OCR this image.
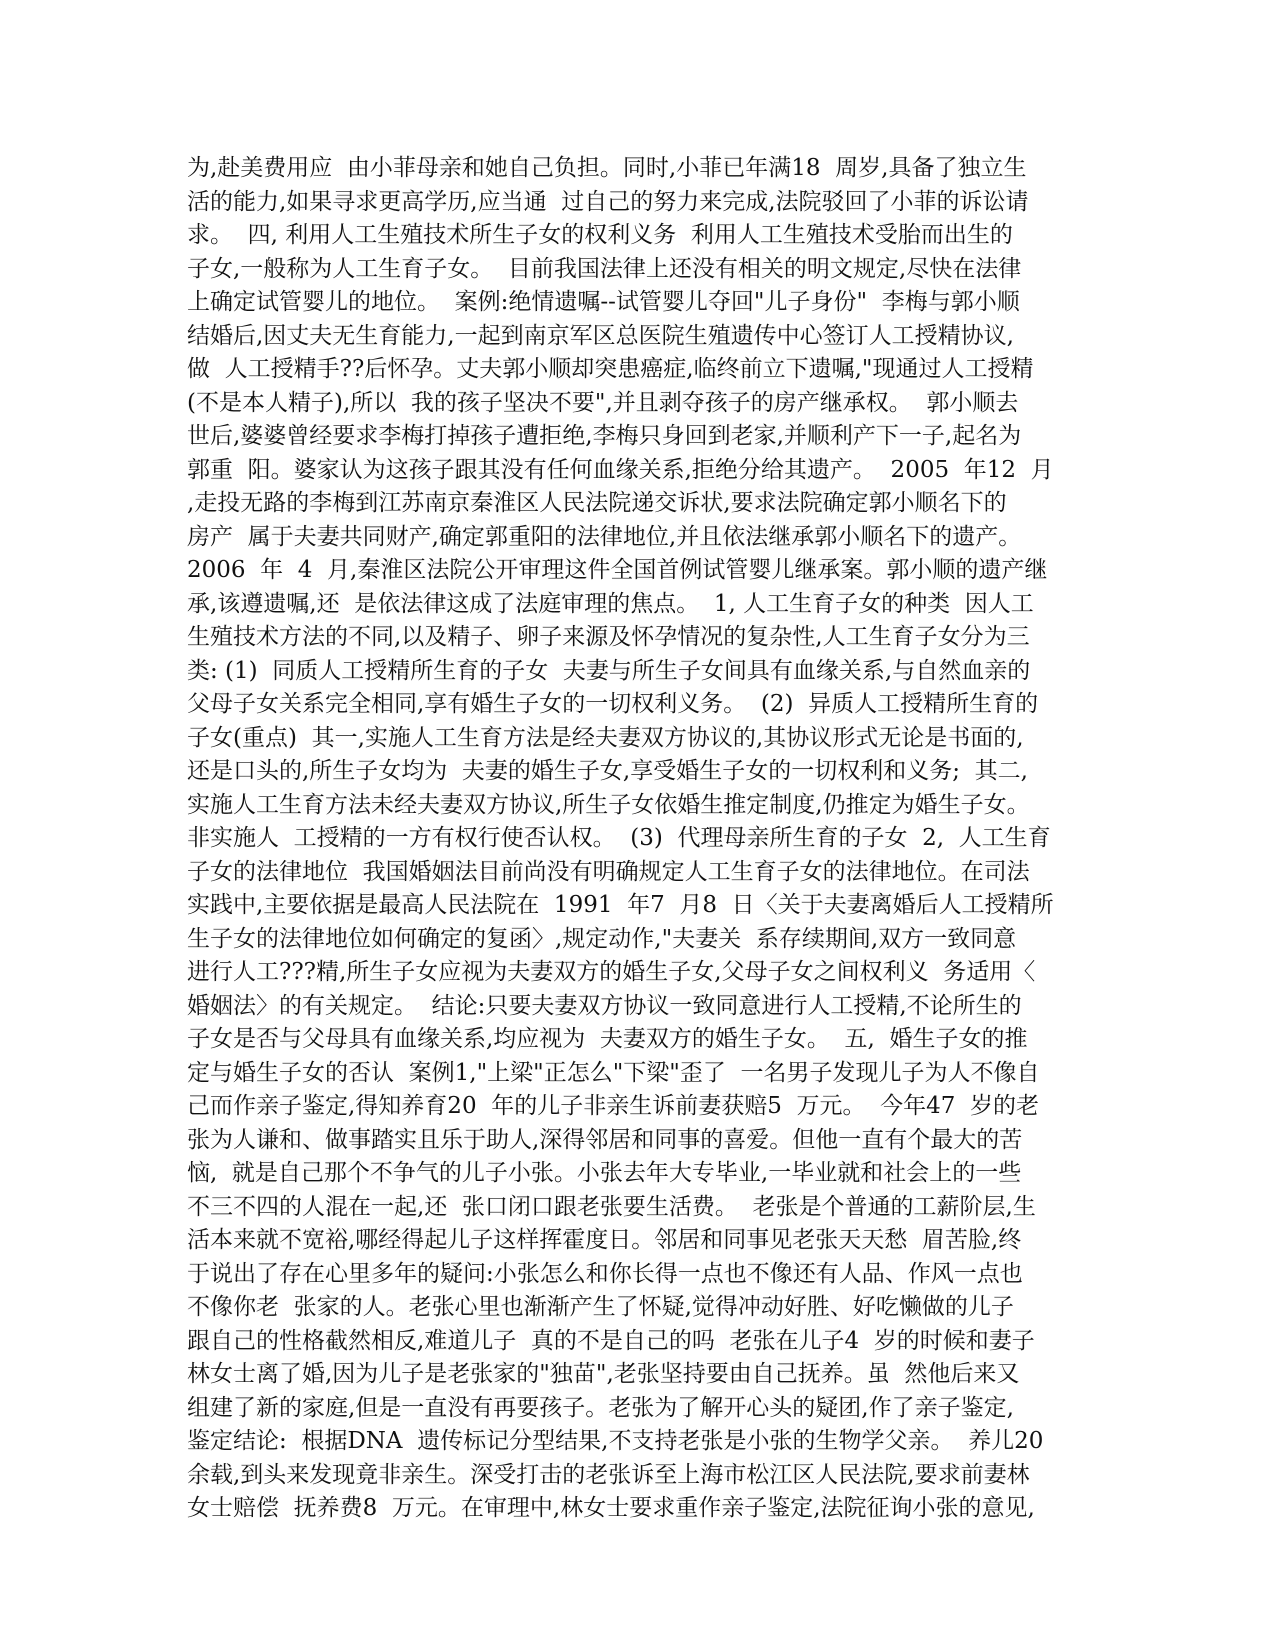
为,赴美费用应  由小菲母亲和她自己负担。同时,小菲已年满18  周岁,具备了独立生
活的能力,如果寻求更高学历,应当通  过自己的努力来完成,法院驳回了小菲的诉讼请
求。  四, 利用人工生殖技术所生子女的权利义务  利用人工生殖技术受胎而出生的
子女,一般称为人工生育子女。  目前我国法律上还没有相关的明文规定,尽快在法律
上确定试管婴儿的地位。  案例:绝情遗嘱--试管婴儿夺回"儿子身份"  李梅与郭小顺
结婚后,因丈夫无生育能力,一起到南京军区总医院生殖遗传中心签订人工授精协议,
做  人工授精手??后怀孕。丈夫郭小顺却突患癌症,临终前立下遗嘱,"现通过人工授精
(不是本人精子),所以  我的孩子坚决不要",并且剥夺孩子的房产继承权。  郭小顺去
世后,婆婆曾经要求李梅打掉孩子遭拒绝,李梅只身回到老家,并顺利产下一子,起名为
郭重  阳。婆家认为这孩子跟其没有任何血缘关系,拒绝分给其遗产。  2005  年12  月
,走投无路的李梅到江苏南京秦淮区人民法院递交诉状,要求法院确定郭小顺名下的
房产  属于夫妻共同财产,确定郭重阳的法律地位,并且依法继承郭小顺名下的遗产。
2006  年  4  月,秦淮区法院公开审理这件全国首例试管婴儿继承案。郭小顺的遗产继
承,该遵遗嘱,还  是依法律这成了法庭审理的焦点。  1, 人工生育子女的种类  因人工
生殖技术方法的不同,以及精子、卵子来源及怀孕情况的复杂性,人工生育子女分为三
类: (1)  同质人工授精所生育的子女  夫妻与所生子女间具有血缘关系,与自然血亲的
父母子女关系完全相同,享有婚生子女的一切权利义务。  (2)  异质人工授精所生育的
子女(重点)  其一,实施人工生育方法是经夫妻双方协议的,其协议形式无论是书面的,
还是口头的,所生子女均为  夫妻的婚生子女,享受婚生子女的一切权利和义务;  其二,
实施人工生育方法未经夫妻双方协议,所生子女依婚生推定制度,仍推定为婚生子女。
非实施人  工授精的一方有权行使否认权。  (3)  代理母亲所生育的子女  2,  人工生育
子女的法律地位  我国婚姻法目前尚没有明确规定人工生育子女的法律地位。在司法
实践中,主要依据是最高人民法院在  1991  年7  月8  日〈关于夫妻离婚后人工授精所
生子女的法律地位如何确定的复函〉,规定动作,"夫妻关  系存续期间,双方一致同意
进行人工???精,所生子女应视为夫妻双方的婚生子女,父母子女之间权利义  务适用〈
婚姻法〉的有关规定。  结论:只要夫妻双方协议一致同意进行人工授精,不论所生的
子女是否与父母具有血缘关系,均应视为  夫妻双方的婚生子女。  五,  婚生子女的推
定与婚生子女的否认  案例1,"上梁"正怎么"下梁"歪了  一名男子发现儿子为人不像自
己而作亲子鉴定,得知养育20  年的儿子非亲生诉前妻获赔5  万元。  今年47  岁的老
张为人谦和、做事踏实且乐于助人,深得邻居和同事的喜爱。但他一直有个最大的苦
恼,  就是自己那个不争气的儿子小张。小张去年大专毕业,一毕业就和社会上的一些
不三不四的人混在一起,还  张口闭口跟老张要生活费。  老张是个普通的工薪阶层,生
活本来就不宽裕,哪经得起儿子这样挥霍度日。邻居和同事见老张天天愁  眉苦脸,终
于说出了存在心里多年的疑问:小张怎么和你长得一点也不像还有人品、作风一点也
不像你老  张家的人。老张心里也渐渐产生了怀疑,觉得冲动好胜、好吃懒做的儿子
跟自己的性格截然相反,难道儿子  真的不是自己的吗  老张在儿子4  岁的时候和妻子
林女士离了婚,因为儿子是老张家的"独苗",老张坚持要由自己抚养。虽  然他后来又
组建了新的家庭,但是一直没有再要孩子。老张为了解开心头的疑团,作了亲子鉴定,
鉴定结论:  根据DNA  遗传标记分型结果,不支持老张是小张的生物学父亲。  养儿20
余载,到头来发现竟非亲生。深受打击的老张诉至上海市松江区人民法院,要求前妻林
女士赔偿  抚养费8  万元。在审理中,林女士要求重作亲子鉴定,法院征询小张的意见,
